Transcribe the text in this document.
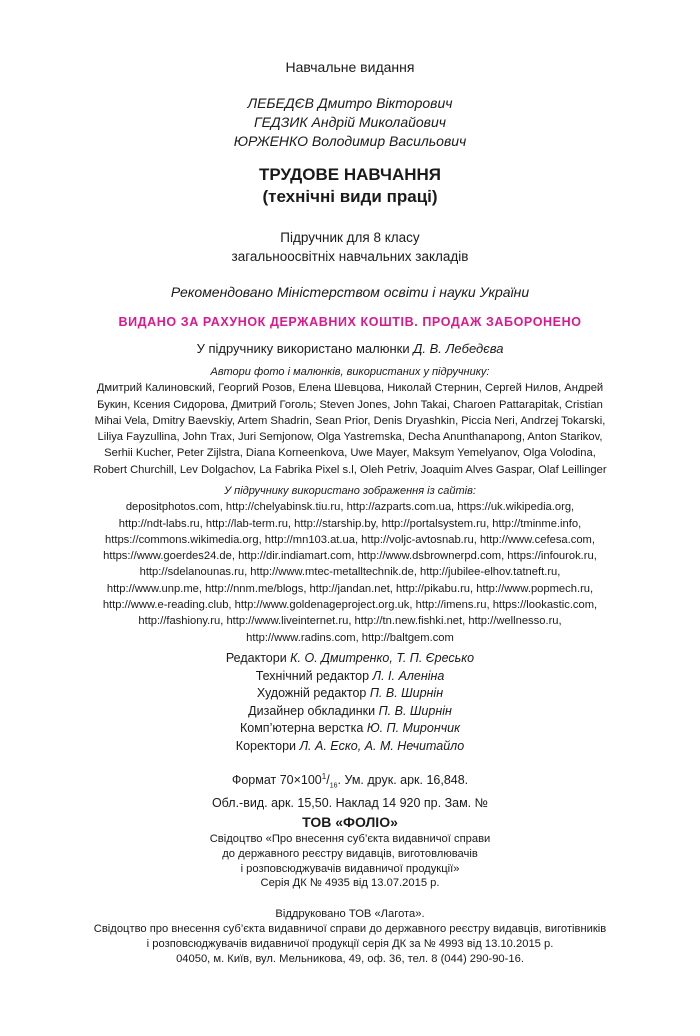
Навчальне видання
ЛЕБЕДЄВ Дмитро Вікторович
ГЕДЗИК Андрій Миколайович
ЮРЖЕНКО Володимир Васильович
ТРУДОВЕ НАВЧАННЯ
(технічні види праці)
Підручник для 8 класу
загальноосвітніх навчальних закладів
Рекомендовано Міністерством освіти і науки України
ВИДАНО ЗА РАХУНОК ДЕРЖАВНИХ КОШТІВ. ПРОДАЖ ЗАБОРОНЕНО
У підручнику використано малюнки Д. В. Лебедєва
Автори фото і малюнків, використаних у підручнику:
Дмитрий Калиновский, Георгий Розов, Елена Шевцова, Николай Стернин, Сергей Нилов, Андрей
Букин, Ксения Сидорова, Дмитрий Гоголь; Steven Jones, John Takai, Charoen Pattarapitak, Cristian
Mihai Vela, Dmitry Baevskiy, Artem Shadrin, Sean Prior, Denis Dryashkin, Piccia Neri, Andrzej Tokarski,
Liliya Fayzullina, John Trax, Juri Semjonow, Olga Yastremska, Decha Anunthanapong, Anton Starikov,
Serhii Kucher, Peter Zijlstra, Diana Korneenkova, Uwe Mayer, Maksym Yemelyanov, Olga Volodina,
Robert Churchill, Lev Dolgachov, La Fabrika Pixel s.l, Oleh Petriv, Joaquim Alves Gaspar, Olaf Leillinger
У підручнику використано зображення із сайтів:
depositphotos.com, http://chelyabinsk.tiu.ru, http://azparts.com.ua, https://uk.wikipedia.org,
http://ndt-labs.ru, http://lab-term.ru, http://starship.by, http://portalsystem.ru, http://tminme.info,
https://commons.wikimedia.org, http://mn103.at.ua, http://voljc-avtosnab.ru, http://www.cefesa.com,
https://www.goerdes24.de, http://dir.indiamart.com, http://www.dsbrownerpd.com, https://infourok.ru,
http://sdelanounas.ru, http://www.mtec-metalltechnik.de, http://jubilee-elhov.tatneft.ru,
http://www.unp.me, http://nnm.me/blogs, http://jandan.net, http://pikabu.ru, http://www.popmech.ru,
http://www.e-reading.club, http://www.goldenageproject.org.uk, http://imens.ru, https://lookastic.com,
http://fashiony.ru, http://www.liveinternet.ru, http://tn.new.fishki.net, http://wellnesso.ru,
http://www.radins.com, http://baltgem.com
Редактори К. О. Дмитренко, Т. П. Єресько
Технічний редактор Л. І. Аленіна
Художній редактор П. В. Ширнін
Дизайнер обкладинки П. В. Ширнін
Комп’ютерна верстка Ю. П. Мирончик
Коректори Л. А. Еско, А. М. Нечитайло
Формат $70\times 100^1/_{16}$. Ум. друк. арк. 16,848.
Обл.-вид. арк. 15,50. Наклад 14 920 пр. Зам. №
ТОВ «ФОЛІО»
Свідоцтво «Про внесення суб’єкта видавничої справи
до державного реєстру видавців, виготовлювачів
і розповсюджувачів видавничої продукції»
Серія ДК № 4935 від 13.07.2015 р.
Віддруковано ТОВ «Лагота».
Свідоцтво про внесення суб’єкта видавничої справи до державного реєстру видавців, виготівників
і розповсюджувачів видавничої продукції серія ДК за № 4993 від 13.10.2015 р.
04050, м. Київ, вул. Мельникова, 49, оф. 36, тел. 8 (044) 290-90-16.
